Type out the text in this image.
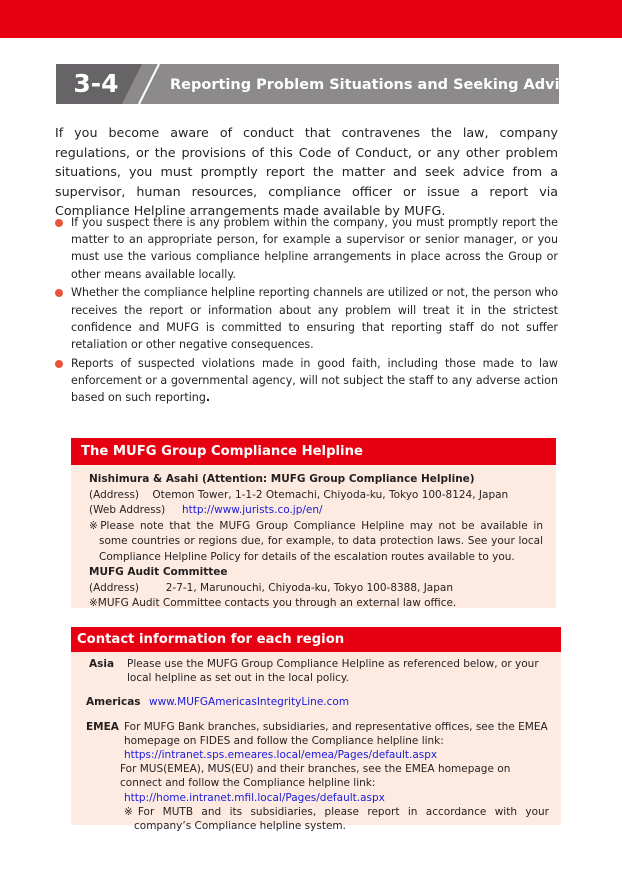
3-4	Reporting Problem Situations and Seeking Advice

If you become aware of conduct that contravenes the law, company regulations, or the provisions of this Code of Conduct, or any other problem situations, you must promptly report the matter and seek advice from a supervisor, human resources, compliance officer or issue a report via Compliance Helpline arrangements made available by MUFG.

If you suspect there is any problem within the company, you must promptly report the matter to an appropriate person, for example a supervisor or senior manager, or you must use the various compliance helpline arrangements in place across the Group or other means available locally.
Whether the compliance helpline reporting channels are utilized or not, the person who receives the report or information about any problem will treat it in the strictest confidence and MUFG is committed to ensuring that reporting staff do not suffer retaliation or other negative consequences.
Reports of suspected violations made in good faith, including those made to law enforcement or a governmental agency, will not subject the staff to any adverse action based on such reporting.
The MUFG Group Compliance Helpline

Nishimura & Asahi (Attention: MUFG Group Compliance Helpline)

(Address) Otemon Tower, 1-1-2 Otemachi, Chiyoda-ku, Tokyo 100-8124, Japan

(Web Address) http://www.jurists.co.jp/en/

※Please note that the MUFG Group Compliance Helpline may not be available in some countries or regions due, for example, to data protection laws. See your local Compliance Helpline Policy for details of the escalation routes available to you.

MUFG Audit Committee

(Address)	2-7-1, Marunouchi, Chiyoda-ku, Tokyo 100-8388, Japan

※MUFG Audit Committee contacts you through an external law office.

Contact information for each region
Asia	Please use the MUFG Group Compliance Helpline as referenced below, or your local helpline as set out in the local policy.

Americas www.MUFGAmericasIntegrityLine.com
EMEA For MUFG Bank branches, subsidiaries, and representative offices, see the EMEA homepage on FIDES and follow the Compliance helpline link:

https://intranet.sps.emeares.local/emea/Pages/default.aspx

For MUS(EMEA), MUS(EU) and their branches, see the EMEA homepage on connect and follow the Compliance helpline link:

http://home.intranet.mfil.local/Pages/default.aspx

※For MUTB and its subsidiaries, please report in accordance with your company’s Compliance helpline system.
